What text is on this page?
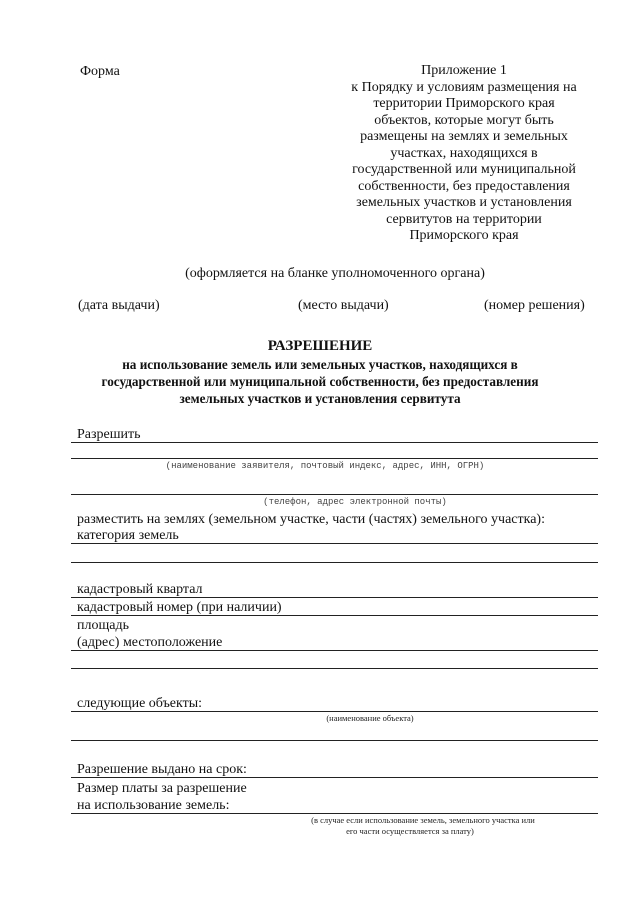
Форма	Приложение 1
к Порядку и условиям размещения на
территории Приморского края
объектов, которые могут быть
размещены на землях и земельных
участках, находящихся в
государственной или муниципальной
собственности, без предоставления
земельных участков и установления
сервитутов на территории
Приморского края
(оформляется на бланке уполномоченного органа)
(дата выдачи)	(место выдачи)	(номер решения)
РАЗРЕШЕНИЕ
на использование земель или земельных участков, находящихся в
государственной или муниципальной собственности, без предоставления
земельных участков и установления сервитута
Разрешить
(наименование заявителя, почтовый индекс, адрес, ИНН, ОГРН)
(телефон, адрес электронной почты)
разместить на землях (земельном участке, части (частях) земельного участка):
категория земель
кадастровый квартал
кадастровый номер (при наличии)
площадь
(адрес) местоположение
следующие объекты:
(наименование объекта)
Разрешение выдано на срок:
Размер платы за разрешение
на использование земель:
(в случае если использование земель, земельного участка или
его части осуществляется за плату)
